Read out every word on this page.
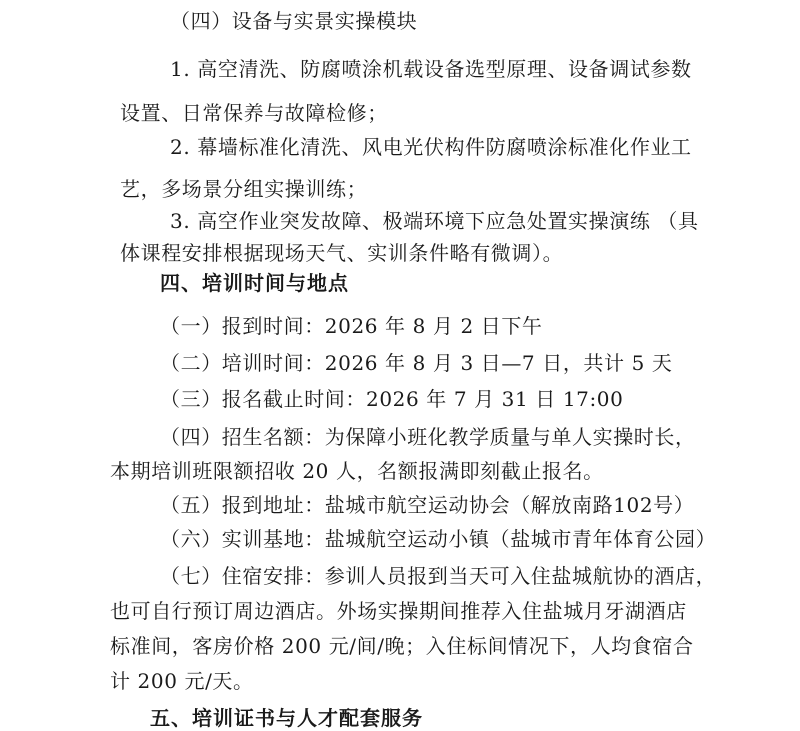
（四）设备与实景实操模块
1. 高空清洗、防腐喷涂机载设备选型原理、设备调试参数
设置、日常保养与故障检修；
2. 幕墙标准化清洗、风电光伏构件防腐喷涂标准化作业工
艺，多场景分组实操训练；
3. 高空作业突发故障、极端环境下应急处置实操演练 （具
体课程安排根据现场天气、实训条件略有微调）。
四、培训时间与地点
（一）报到时间：2026 年 8 月 2 日下午
（二）培训时间：2026 年 8 月 3 日—7 日，共计 5 天
（三）报名截止时间：2026 年 7 月 31 日 17:00
（四）招生名额：为保障小班化教学质量与单人实操时长，
本期培训班限额招收 20 人，名额报满即刻截止报名。
（五）报到地址：盐城市航空运动协会（解放南路102号）
（六）实训基地：盐城航空运动小镇（盐城市青年体育公园）
（七）住宿安排：参训人员报到当天可入住盐城航协的酒店，
也可自行预订周边酒店。外场实操期间推荐入住盐城月牙湖酒店
标准间，客房价格 200 元/间/晚；入住标间情况下，人均食宿合
计 200 元/天。
五、培训证书与人才配套服务
